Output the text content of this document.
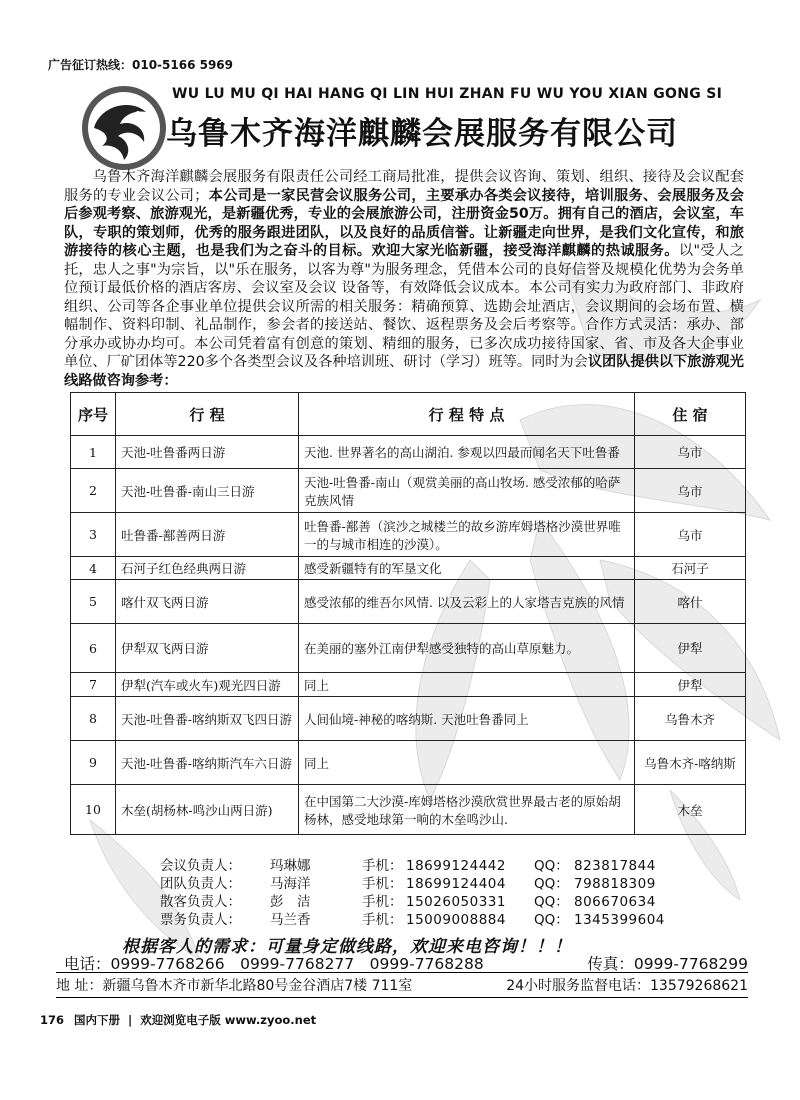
广告征订热线：010-5166 5969
WU LU MU QI HAI HANG QI LIN HUI ZHAN FU WU YOU XIAN GONG SI
乌鲁木齐海洋麒麟会展服务有限公司
  乌鲁木齐海洋麒麟会展服务有限责任公司经工商局批准，提供会议咨询、策划、组织、接待及会议配套服务的专业会议公司；本公司是一家民营会议服务公司，主要承办各类会议接待，培训服务、会展服务及会后参观考察、旅游观光，是新疆优秀，专业的会展旅游公司，注册资金50万。拥有自己的酒店，会议室，车队，专职的策划师，优秀的服务跟进团队，以及良好的品质信誉。让新疆走向世界，是我们文化宣传，和旅游接待的核心主题，也是我们为之奋斗的目标。欢迎大家光临新疆，接受海洋麒麟的热诚服务。以"受人之托，忠人之事"为宗旨，以"乐在服务，以客为尊"为服务理念，凭借本公司的良好信誉及规模化优势为会务单位预订最低价格的酒店客房、会议室及会议 设备等，有效降低会议成本。本公司有实力为政府部门、非政府组织、公司等各企事业单位提供会议所需的相关服务：精确预算、选勘会址酒店，会议期间的会场布置、横幅制作、资料印制、礼品制作，参会者的接送站、餐饮、返程票务及会后考察等。合作方式灵活：承办、部分承办或协办均可。本公司凭着富有创意的策划、精细的服务，已多次成功接待国家、省、市及各大企事业单位、厂矿团体等220多个各类型会议及各种培训班、研讨（学习）班等。同时为会议团队提供以下旅游观光线路做咨询参考：
序号	行 程	行 程 特 点	住 宿
1	天池-吐鲁番两日游	天池. 世界著名的高山湖泊. 参观以四最而闻名天下吐鲁番	乌市
2	天池-吐鲁番-南山三日游	天池-吐鲁番-南山（观赏美丽的高山牧场. 感受浓郁的哈萨克族风情	乌市
3	吐鲁番-鄯善两日游	吐鲁番-鄯善（滨沙之城楼兰的故乡游库姆塔格沙漠世界唯一的与城市相连的沙漠）。	乌市
4	石河子红色经典两日游	感受新疆特有的军垦文化	石河子
5	喀什双飞两日游	感受浓郁的维吾尔风情. 以及云彩上的人家塔吉克族的风情	喀什
6	伊犁双飞两日游	在美丽的塞外江南伊犁感受独特的高山草原魅力。	伊犁
7	伊犁(汽车或火车)观光四日游	同上	伊犁
8	天池-吐鲁番-喀纳斯双飞四日游	人间仙境-神秘的喀纳斯. 天池吐鲁番同上	乌鲁木齐
9	天池-吐鲁番-喀纳斯汽车六日游	同上	乌鲁木齐-喀纳斯
10	木垒(胡杨林-鸣沙山两日游)	在中国第二大沙漠-库姆塔格沙漠欣赏世界最古老的原始胡杨林，感受地球第一响的木垒鸣沙山.	木垒
会议负责人：	玛琳娜	手机： 18699124442	QQ： 823817844
团队负责人：	马海洋	手机： 18699124404	QQ： 798818309
散客负责人：	彭　洁	手机： 15026050331	QQ： 806670634
票务负责人：	马兰香	手机： 15009008884	QQ： 1345399604
根据客人的需求：可量身定做线路，欢迎来电咨询！！！
电话：0999-7768266　0999-7768277　0999-7768288	传真：0999-7768299
地 址：新疆乌鲁木齐市新华北路80号金谷酒店7楼 711室	24小时服务监督电话：13579268621
176 国内下册 | 欢迎浏览电子版 www.zyoo.net
